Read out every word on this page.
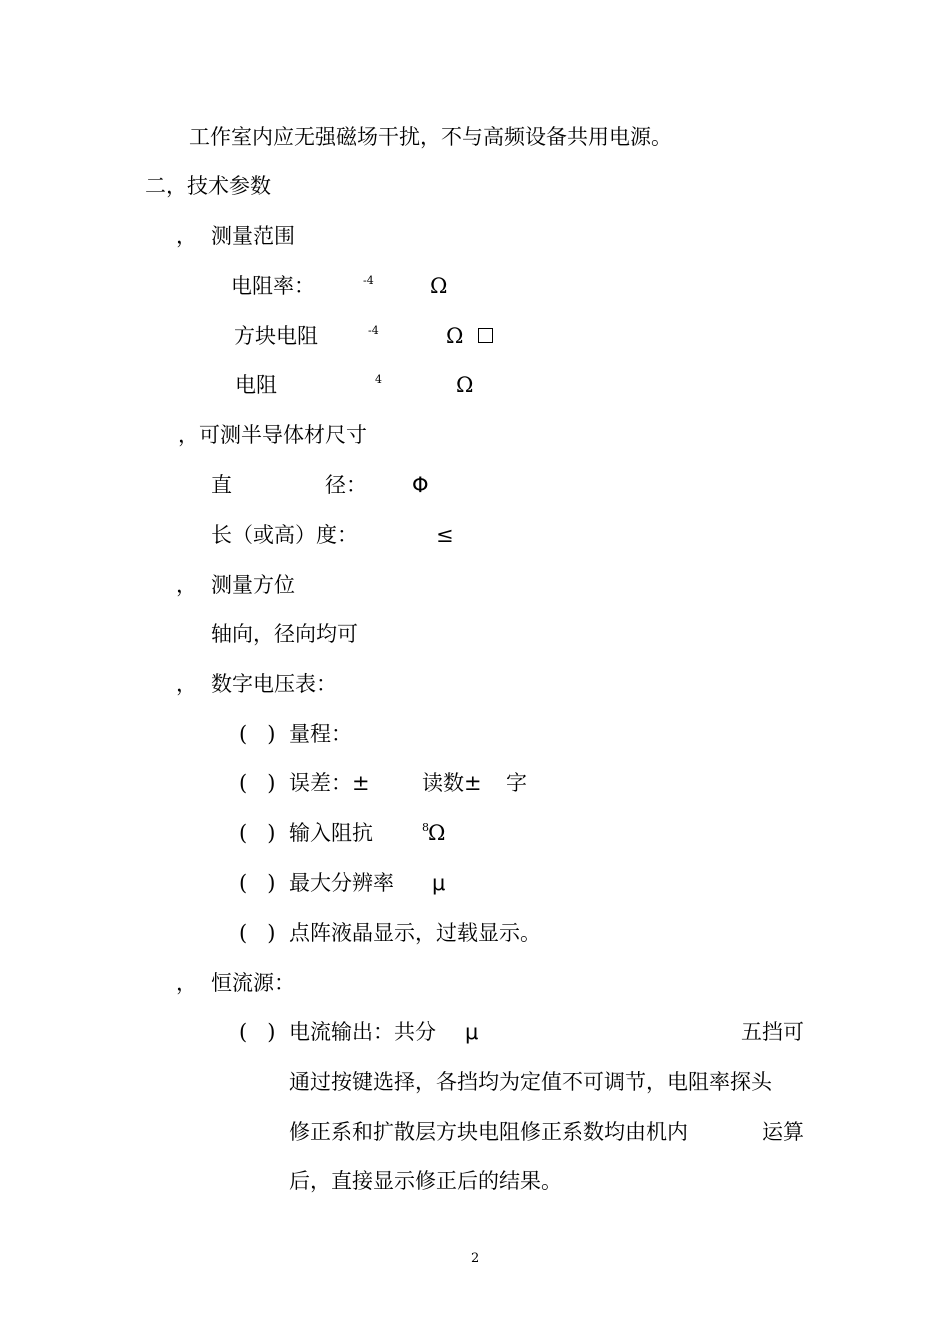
工作室内应无强磁场干扰，不与高频设备共用电源。
二，技术参数
， 测量范围
电阻率：	-4	Ω
方块电阻	-4	Ω
电阻	4	Ω
，可测半导体材尺寸
直	径： Φ
长（或高）度：	≤
， 测量方位
轴向，径向均可
， 数字电压表：
(   ) 量程：
(   ) 误差：± 读数± 字
(   ) 输入阻抗	8 Ω
(   ) 最大分辨率 μ
(   ) 点阵液晶显示，过载显示。
， 恒流源：
(   ) 电流输出：共分 μ	五挡可
通过按键选择，各挡均为定值不可调节，电阻率探头
修正系和扩散层方块电阻修正系数均由机内	运算
后，直接显示修正后的结果。
2
